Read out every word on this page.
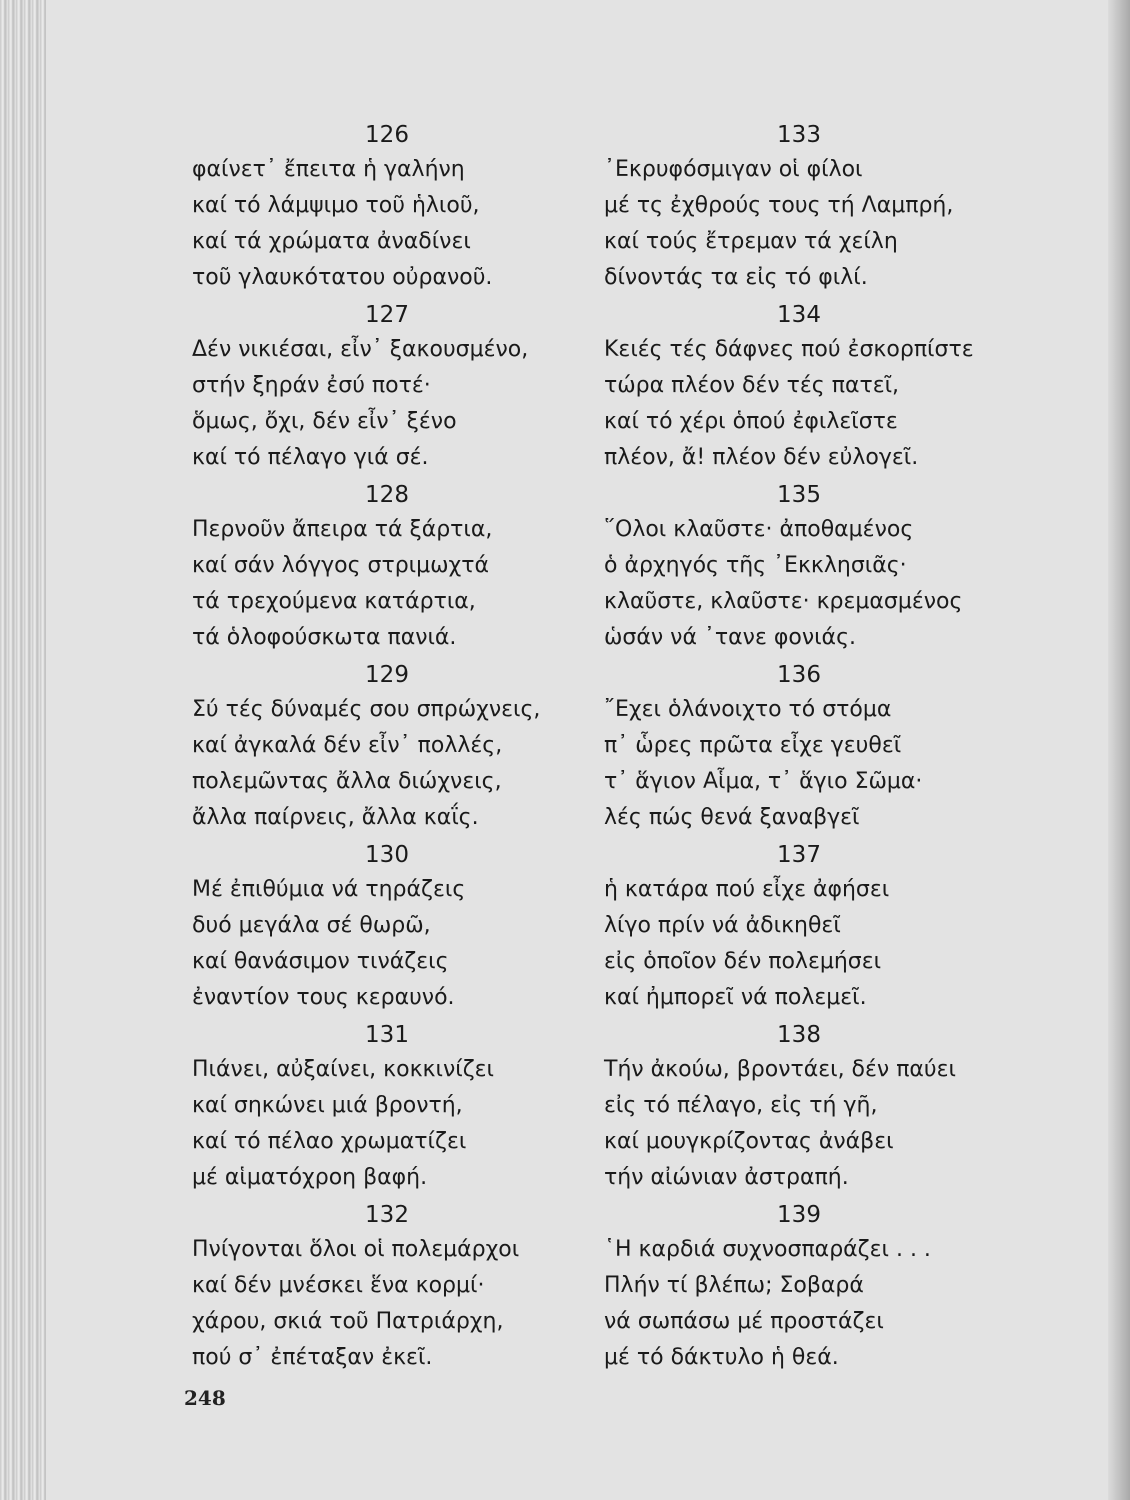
126
φαίνετ᾿ ἔπειτα ἡ γαλήνη
καί τό λάμψιμο τοῦ ἡλιοῦ,
καί τά χρώματα ἀναδίνει
τοῦ γλαυκότατου οὐρανοῦ.
127
Δέν νικιέσαι, εἶν᾿ ξακουσμένο,
στήν ξηράν ἐσύ ποτέ·
ὅμως, ὄχι, δέν εἶν᾿ ξένο
καί τό πέλαγο γιά σέ.
128
Περνοῦν ἄπειρα τά ξάρτια,
καί σάν λόγγος στριμωχτά
τά τρεχούμενα κατάρτια,
τά ὁλοφούσκωτα πανιά.
129
Σύ τές δύναμές σου σπρώχνεις,
καί ἀγκαλά δέν εἶν᾿ πολλές,
πολεμῶντας ἄλλα διώχνεις,
ἄλλα παίρνεις, ἄλλα καΐς.
130
Μέ ἐπιθύμια νά τηράζεις
δυό μεγάλα σέ θωρῶ,
καί θανάσιμον τινάζεις
ἐναντίον τους κεραυνό.
131
Πιάνει, αὐξαίνει, κοκκινίζει
καί σηκώνει μιά βροντή,
καί τό πέλαο χρωματίζει
μέ αἱματόχροη βαφή.
132
Πνίγονται ὅλοι οἱ πολεμάρχοι
καί δέν μνέσκει ἕνα κορμί·
χάρου, σκιά τοῦ Πατριάρχη,
πού σ᾿ ἐπέταξαν ἐκεῖ.
133
᾿Εκρυφόσμιγαν οἱ φίλοι
μέ τς ἐχθρούς τους τή Λαμπρή,
καί τούς ἔτρεμαν τά χείλη
δίνοντάς τα εἰς τό φιλί.
134
Κειές τές δάφνες πού ἐσκορπίστε
τώρα πλέον δέν τές πατεῖ,
καί τό χέρι ὁπού ἐφιλεῖστε
πλέον, ἄ! πλέον δέν εὐλογεῖ.
135
῞Ολοι κλαῦστε· ἀποθαμένος
ὁ ἀρχηγός τῆς ᾿Εκκλησιᾶς·
κλαῦστε, κλαῦστε· κρεμασμένος
ὡσάν νά ᾿τανε φονιάς.
136
῎Εχει ὁλάνοιχτο τό στόμα
π᾿ ὧρες πρῶτα εἶχε γευθεῖ
τ᾿ ἅγιον Αἷμα, τ᾿ ἅγιο Σῶμα·
λές πώς θενά ξαναβγεῖ
137
ἡ κατάρα πού εἶχε ἀφήσει
λίγο πρίν νά ἀδικηθεῖ
εἰς ὁποῖον δέν πολεμήσει
καί ἠμπορεῖ νά πολεμεῖ.
138
Τήν ἀκούω, βροντάει, δέν παύει
εἰς τό πέλαγο, εἰς τή γῆ,
καί μουγκρίζοντας ἀνάβει
τήν αἰώνιαν ἀστραπή.
139
῾Η καρδιά συχνοσπαράζει . . .
Πλήν τί βλέπω; Σοβαρά
νά σωπάσω μέ προστάζει
μέ τό δάκτυλο ἡ θεά.
248
